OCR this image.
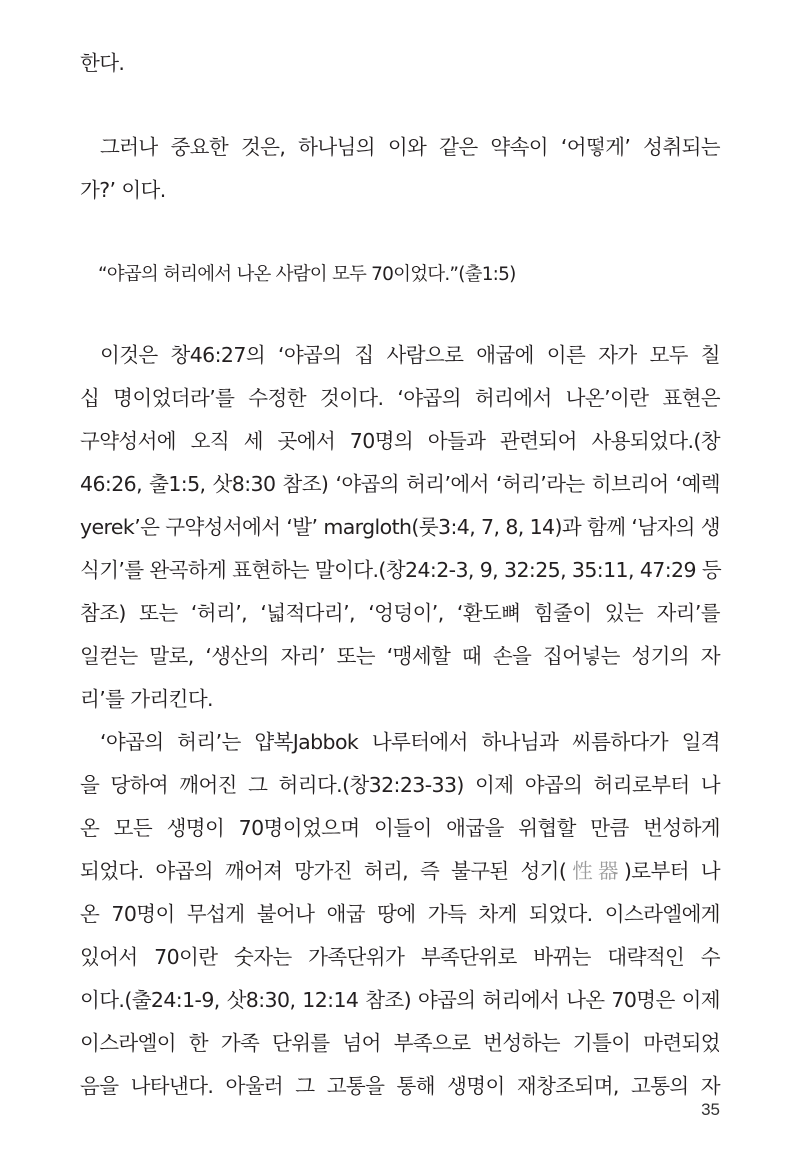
한다.
그러나 중요한 것은, 하나님의 이와 같은 약속이 ‘어떻게’ 성취되는
가?’ 이다.
“야곱의 허리에서 나온 사람이 모두 70이었다.”(출1:5)
이것은 창46:27의 ‘야곱의 집 사람으로 애굽에 이른 자가 모두 칠
십 명이었더라’를 수정한 것이다. ‘야곱의 허리에서 나온’이란 표현은
구약성서에 오직 세 곳에서 70명의 아들과 관련되어 사용되었다.(창
46:26, 출1:5, 삿8:30 참조) ‘야곱의 허리’에서 ‘허리’라는 히브리어 ‘예렉
yerek’은 구약성서에서 ‘발’ margloth(룻3:4, 7, 8, 14)과 함께 ‘남자의 생
식기’를 완곡하게 표현하는 말이다.(창24:2-3, 9, 32:25, 35:11, 47:29 등
참조) 또는 ‘허리’, ‘넓적다리’, ‘엉덩이’, ‘환도뼈 힘줄이 있는 자리’를
일컫는 말로, ‘생산의 자리’ 또는 ‘맹세할 때 손을 집어넣는 성기의 자
리’를 가리킨다.
‘야곱의 허리’는 얍복Jabbok 나루터에서 하나님과 씨름하다가 일격
을 당하여 깨어진 그 허리다.(창32:23-33) 이제 야곱의 허리로부터 나
온 모든 생명이 70명이었으며 이들이 애굽을 위협할 만큼 번성하게
되었다. 야곱의 깨어져 망가진 허리, 즉 불구된 성기(性器)로부터 나
온 70명이 무섭게 불어나 애굽 땅에 가득 차게 되었다. 이스라엘에게
있어서 70이란 숫자는 가족단위가 부족단위로 바뀌는 대략적인 수
이다.(출24:1-9, 삿8:30, 12:14 참조) 야곱의 허리에서 나온 70명은 이제
이스라엘이 한 가족 단위를 넘어 부족으로 번성하는 기틀이 마련되었
음을 나타낸다. 아울러 그 고통을 통해 생명이 재창조되며, 고통의 자
35
